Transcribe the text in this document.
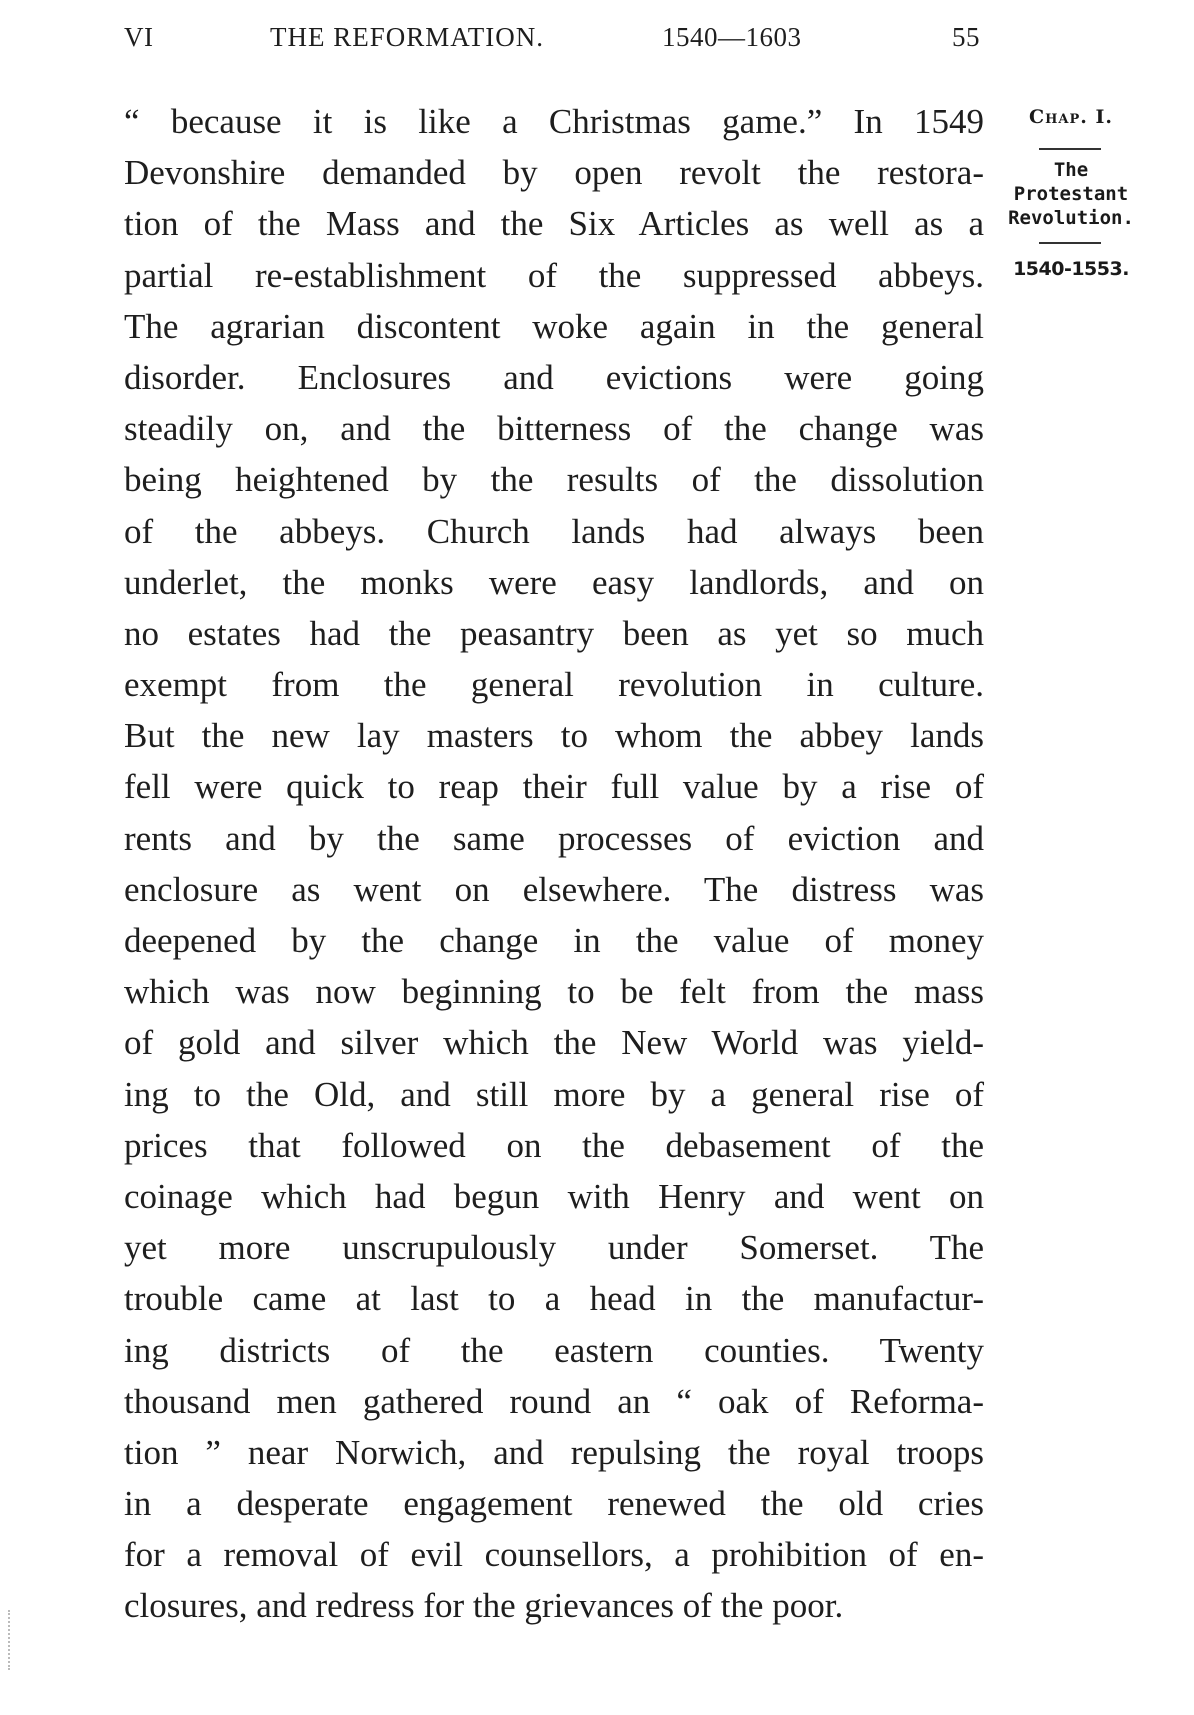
VI	THE REFORMATION.	1540—1603	55
“ because it is like a Christmas game.” In 1549
Devonshire demanded by open revolt the restora-
tion of the Mass and the Six Articles as well as a
partial re-establishment of the suppressed abbeys.
The agrarian discontent woke again in the general
disorder. Enclosures and evictions were going
steadily on, and the bitterness of the change was
being heightened by the results of the dissolution
of the abbeys. Church lands had always been
underlet, the monks were easy landlords, and on
no estates had the peasantry been as yet so much
exempt from the general revolution in culture.
But the new lay masters to whom the abbey lands
fell were quick to reap their full value by a rise of
rents and by the same processes of eviction and
enclosure as went on elsewhere. The distress was
deepened by the change in the value of money
which was now beginning to be felt from the mass
of gold and silver which the New World was yield-
ing to the Old, and still more by a general rise of
prices that followed on the debasement of the
coinage which had begun with Henry and went on
yet more unscrupulously under Somerset. The
trouble came at last to a head in the manufactur-
ing districts of the eastern counties. Twenty
thousand men gathered round an “ oak of Reforma-
tion ” near Norwich, and repulsing the royal troops
in a desperate engagement renewed the old cries
for a removal of evil counsellors, a prohibition of en-
closures, and redress for the grievances of the poor.
Chap. I.
The
Protestant
Revolution.
1540-1553.
